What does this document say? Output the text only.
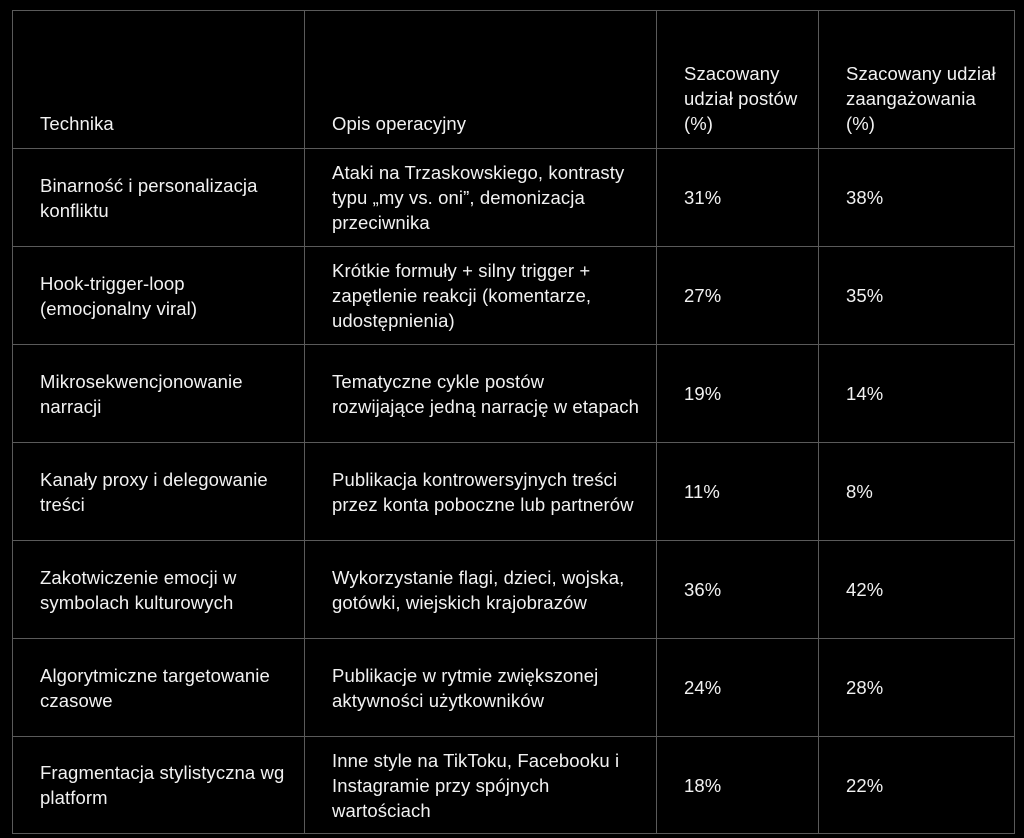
Technika	Opis operacyjny	Szacowany udział postów (%)	Szacowany udział zaangażowania (%)
Binarność i personalizacja konfliktu	Ataki na Trzaskowskiego, kontrasty typu „my vs. oni”, demonizacja przeciwnika	31%	38%
Hook-trigger-loop (emocjonalny viral)	Krótkie formuły + silny trigger + zapętlenie reakcji (komentarze, udostępnienia)	27%	35%
Mikrosekwencjonowanie narracji	Tematyczne cykle postów rozwijające jedną narrację w etapach	19%	14%
Kanały proxy i delegowanie treści	Publikacja kontrowersyjnych treści przez konta poboczne lub partnerów	11%	8%
Zakotwiczenie emocji w symbolach kulturowych	Wykorzystanie flagi, dzieci, wojska, gotówki, wiejskich krajobrazów	36%	42%
Algorytmiczne targetowanie czasowe	Publikacje w rytmie zwiększonej aktywności użytkowników	24%	28%
Fragmentacja stylistyczna wg platform	Inne style na TikToku, Facebooku i Instagramie przy spójnych wartościach	18%	22%
